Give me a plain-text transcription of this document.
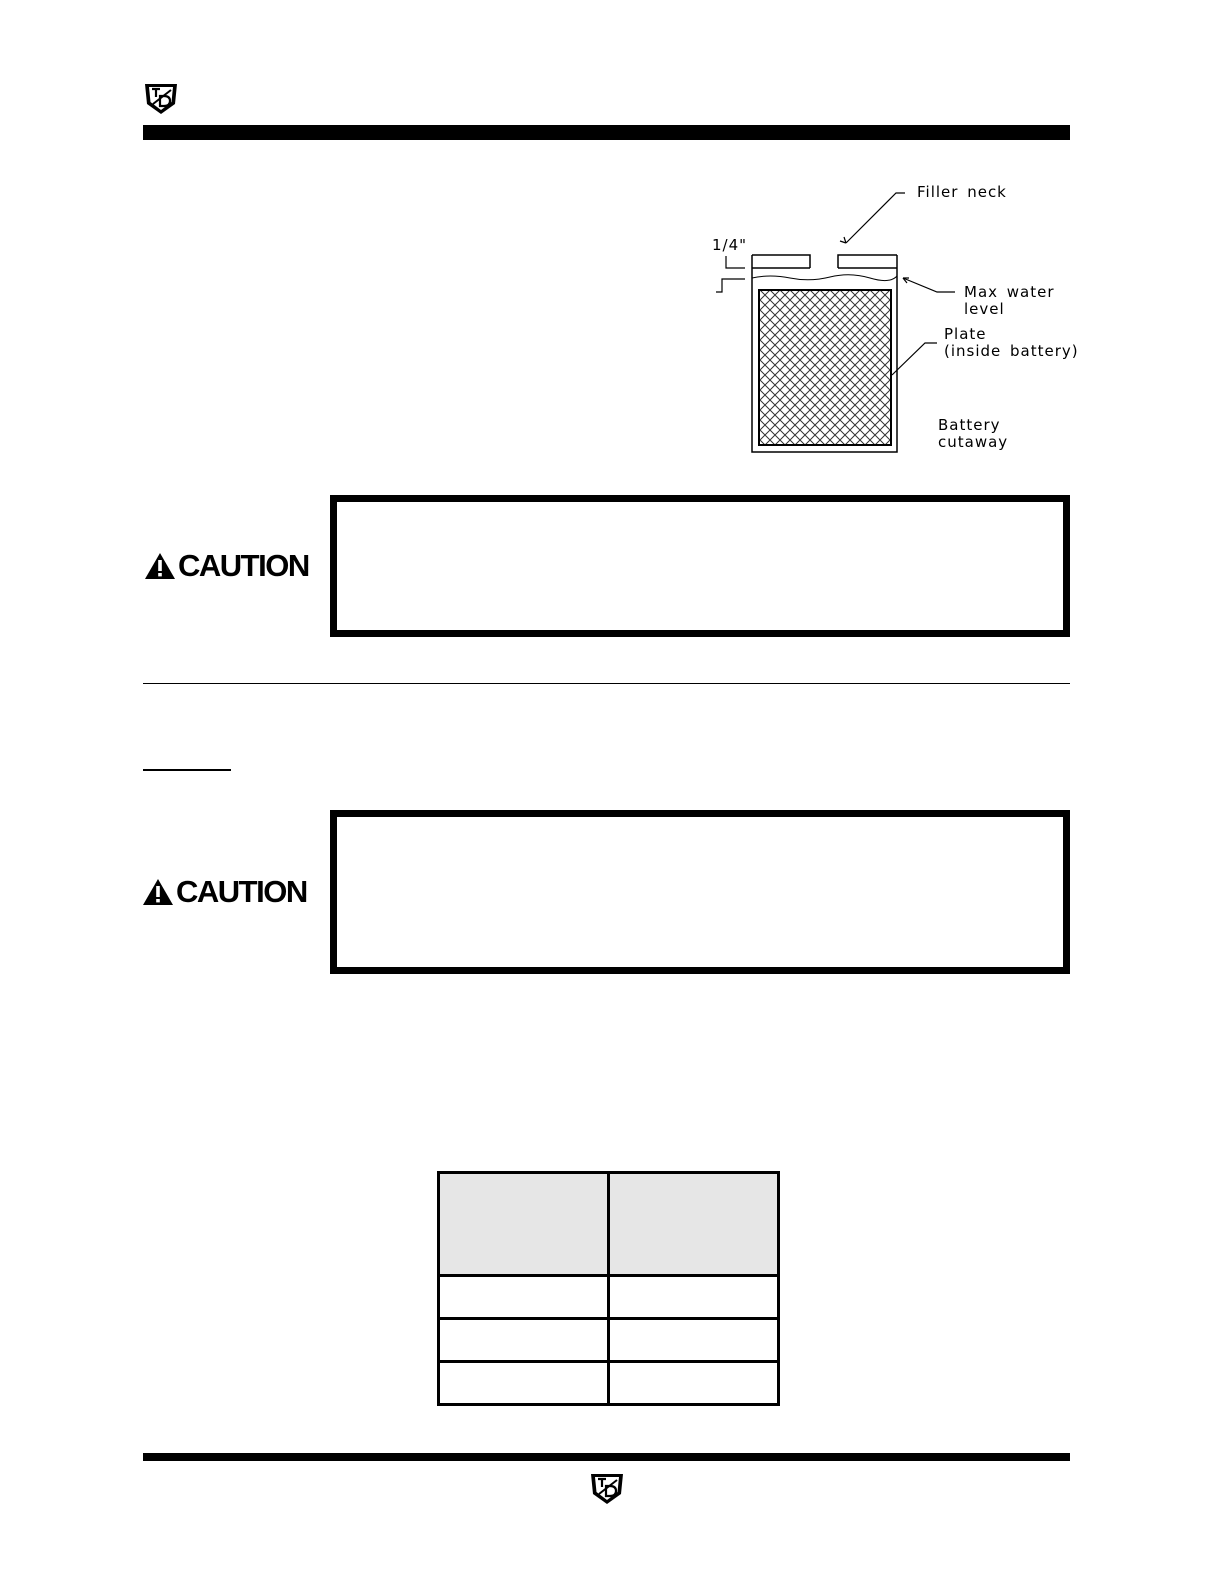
1/4"
Filler neck
Max water
level
Plate
(inside battery)
Battery
cutaway
CAUTION
CAUTION
